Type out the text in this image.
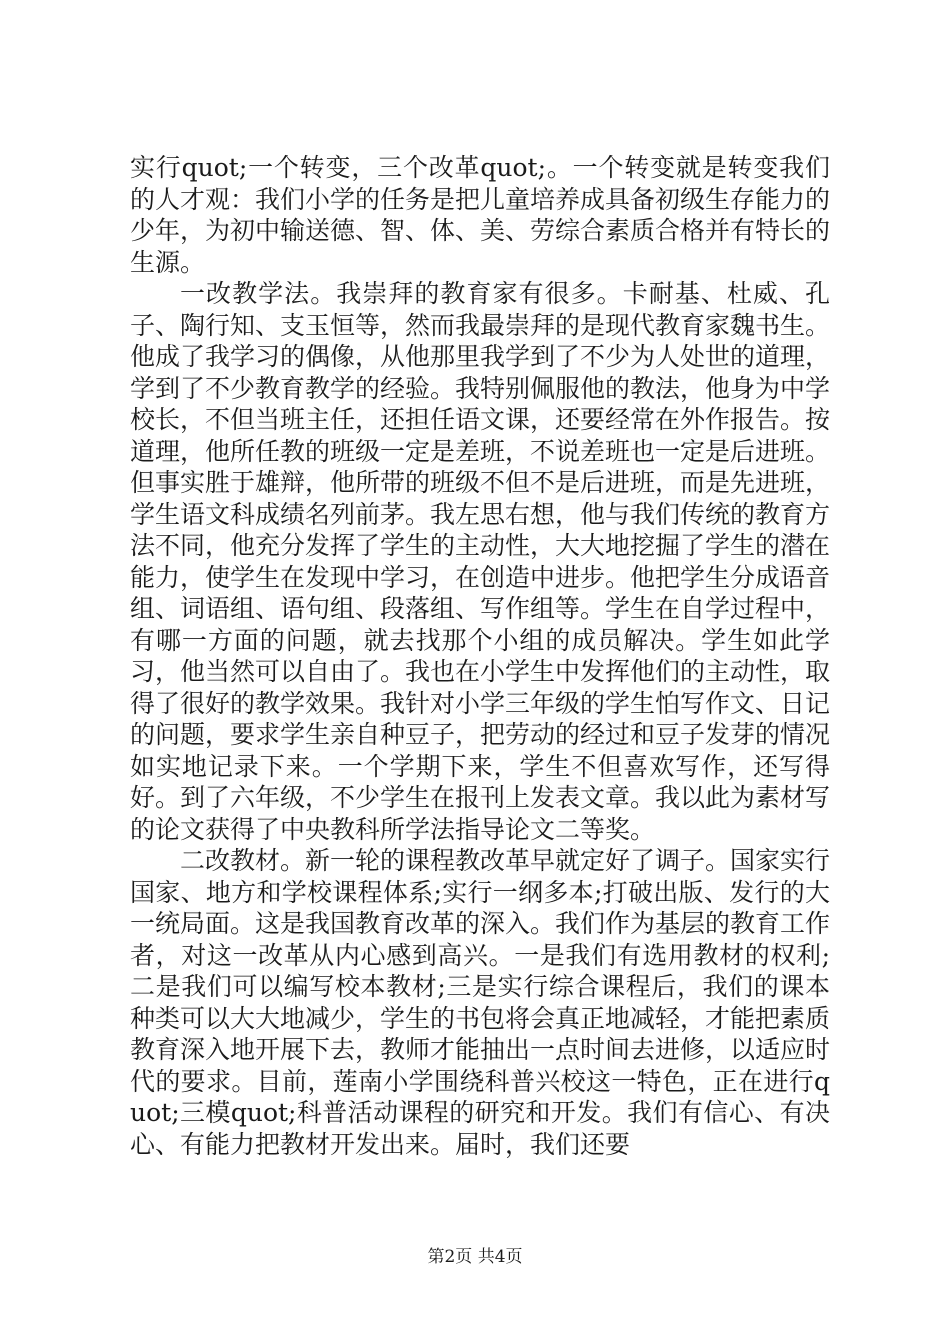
实行quot;一个转变，三个改革quot;。一个转变就是转变我们的人才观：我们小学的任务是把儿童培养成具备初级生存能力的少年，为初中输送德、智、体、美、劳综合素质合格并有特长的生源。

一改教学法。我崇拜的教育家有很多。卡耐基、杜威、孔子、陶行知、支玉恒等，然而我最崇拜的是现代教育家魏书生。他成了我学习的偶像，从他那里我学到了不少为人处世的道理，学到了不少教育教学的经验。我特别佩服他的教法，他身为中学校长，不但当班主任，还担任语文课，还要经常在外作报告。按道理，他所任教的班级一定是差班，不说差班也一定是后进班。但事实胜于雄辩，他所带的班级不但不是后进班，而是先进班，学生语文科成绩名列前茅。我左思右想，他与我们传统的教育方法不同，他充分发挥了学生的主动性，大大地挖掘了学生的潜在能力，使学生在发现中学习，在创造中进步。他把学生分成语音组、词语组、语句组、段落组、写作组等。学生在自学过程中，有哪一方面的问题，就去找那个小组的成员解决。学生如此学习，他当然可以自由了。我也在小学生中发挥他们的主动性，取得了很好的教学效果。我针对小学三年级的学生怕写作文、日记的问题，要求学生亲自种豆子，把劳动的经过和豆子发芽的情况如实地记录下来。一个学期下来，学生不但喜欢写作，还写得好。到了六年级，不少学生在报刊上发表文章。我以此为素材写的论文获得了中央教科所学法指导论文二等奖。

二改教材。新一轮的课程教改革早就定好了调子。国家实行国家、地方和学校课程体系;实行一纲多本;打破出版、发行的大一统局面。这是我国教育改革的深入。我们作为基层的教育工作者，对这一改革从内心感到高兴。一是我们有选用教材的权利;二是我们可以编写校本教材;三是实行综合课程后，我们的课本种类可以大大地减少，学生的书包将会真正地减轻，才能把素质教育深入地开展下去，教师才能抽出一点时间去进修，以适应时代的要求。目前，莲南小学围绕科普兴校这一特色，正在进行quot;三模quot;科普活动课程的研究和开发。我们有信心、有决心、有能力把教材开发出来。届时，我们还要

第2页 共4页
